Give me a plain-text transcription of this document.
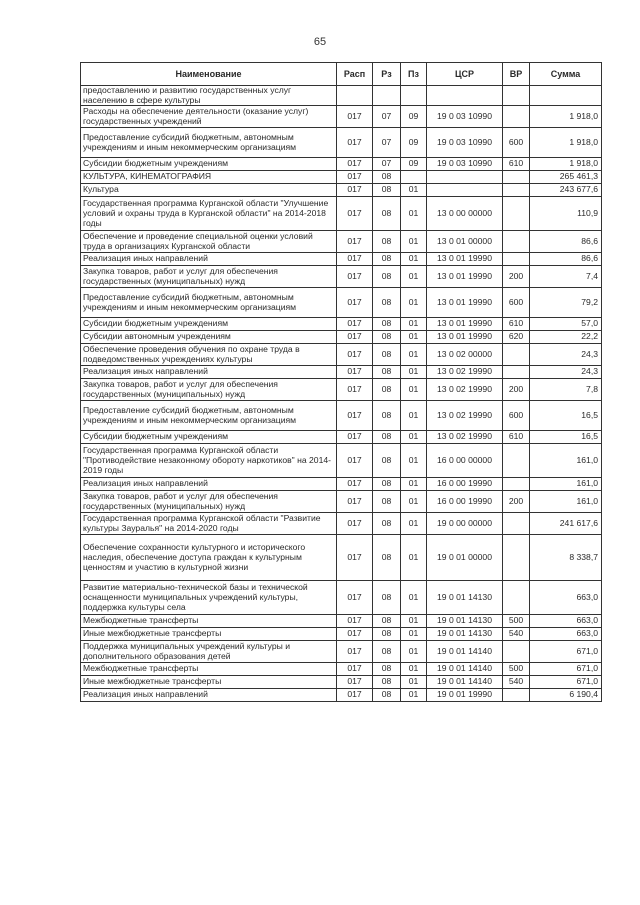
65
Наименование	Расп	Рз	Пз	ЦСР	ВР	Сумма
предоставлению и развитию государственных услуг населению в сфере культуры						
Расходы на обеспечение деятельности (оказание услуг) государственных учреждений	017	07	09	19 0 03 10990		1 918,0
Предоставление субсидий бюджетным, автономным учреждениям и иным некоммерческим организациям	017	07	09	19 0 03 10990	600	1 918,0
Субсидии бюджетным учреждениям	017	07	09	19 0 03 10990	610	1 918,0
КУЛЬТУРА, КИНЕМАТОГРАФИЯ	017	08				265 461,3
Культура	017	08	01			243 677,6
Государственная программа Курганской области "Улучшение условий и охраны труда в Курганской области" на 2014-2018 годы	017	08	01	13 0 00 00000		110,9
Обеспечение и проведение специальной оценки условий труда в организациях Курганской области	017	08	01	13 0 01 00000		86,6
Реализация иных направлений	017	08	01	13 0 01 19990		86,6
Закупка товаров, работ и услуг для обеспечения государственных (муниципальных) нужд	017	08	01	13 0 01 19990	200	7,4
Предоставление субсидий бюджетным, автономным учреждениям и иным некоммерческим организациям	017	08	01	13 0 01 19990	600	79,2
Субсидии бюджетным учреждениям	017	08	01	13 0 01 19990	610	57,0
Субсидии автономным учреждениям	017	08	01	13 0 01 19990	620	22,2
Обеспечение проведения обучения по охране труда в подведомственных учреждениях культуры	017	08	01	13 0 02 00000		24,3
Реализация иных направлений	017	08	01	13 0 02 19990		24,3
Закупка товаров, работ и услуг для обеспечения государственных (муниципальных) нужд	017	08	01	13 0 02 19990	200	7,8
Предоставление субсидий бюджетным, автономным учреждениям и иным некоммерческим организациям	017	08	01	13 0 02 19990	600	16,5
Субсидии бюджетным учреждениям	017	08	01	13 0 02 19990	610	16,5
Государственная программа Курганской области "Противодействие незаконному обороту наркотиков" на 2014-2019 годы	017	08	01	16 0 00 00000		161,0
Реализация иных направлений	017	08	01	16 0 00 19990		161,0
Закупка товаров, работ и услуг для обеспечения государственных (муниципальных) нужд	017	08	01	16 0 00 19990	200	161,0
Государственная программа Курганской области "Развитие культуры Зауралья" на 2014-2020 годы	017	08	01	19 0 00 00000		241 617,6
Обеспечение сохранности культурного и исторического наследия, обеспечение доступа граждан к культурным ценностям и участию в культурной жизни	017	08	01	19 0 01 00000		8 338,7
Развитие материально-технической базы и технической оснащенности муниципальных учреждений культуры, поддержка культуры села	017	08	01	19 0 01 14130		663,0
Межбюджетные трансферты	017	08	01	19 0 01 14130	500	663,0
Иные межбюджетные трансферты	017	08	01	19 0 01 14130	540	663,0
Поддержка муниципальных учреждений культуры и дополнительного образования детей	017	08	01	19 0 01 14140		671,0
Межбюджетные трансферты	017	08	01	19 0 01 14140	500	671,0
Иные межбюджетные трансферты	017	08	01	19 0 01 14140	540	671,0
Реализация иных направлений	017	08	01	19 0 01 19990		6 190,4
